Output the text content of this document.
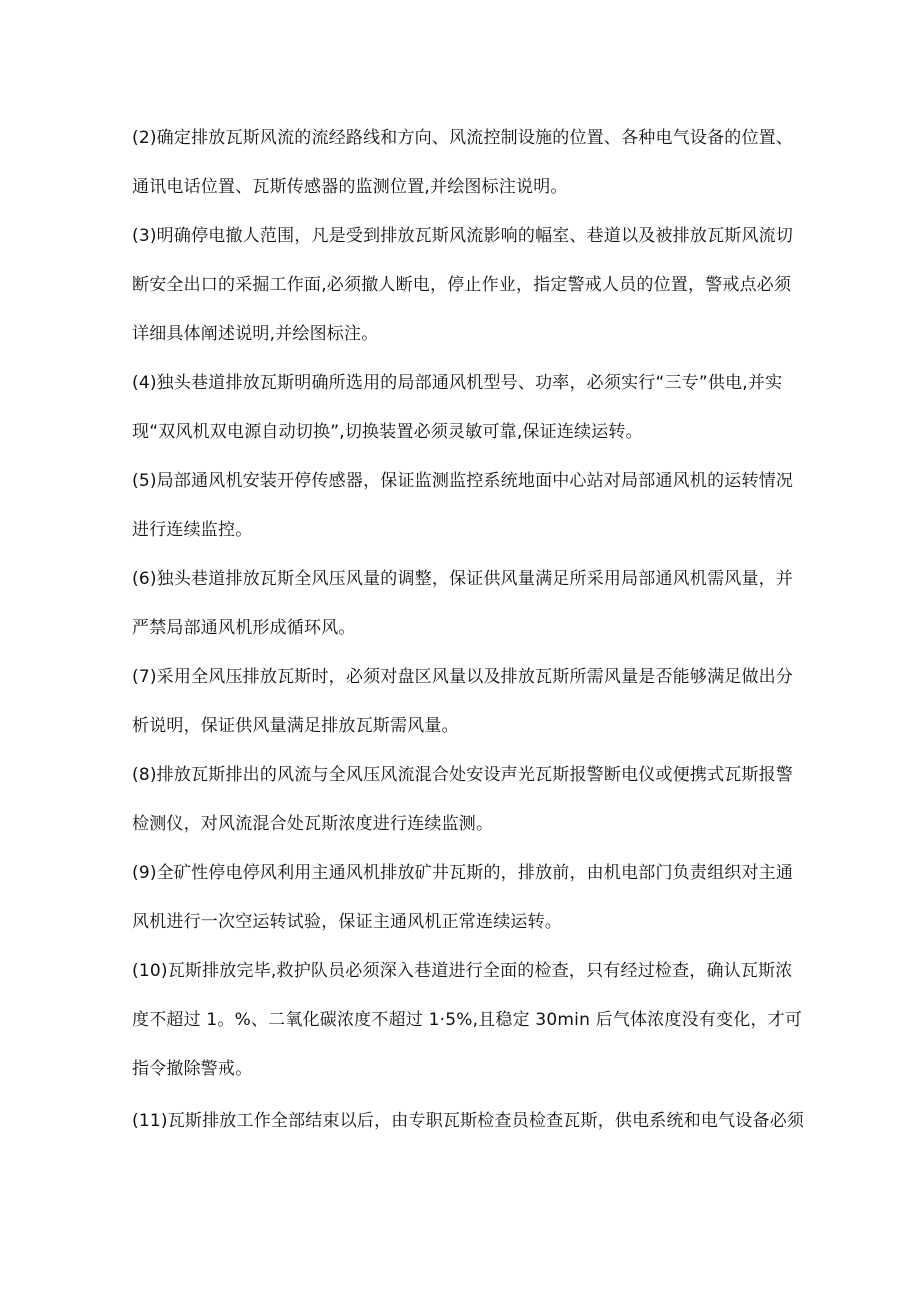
(2)确定排放瓦斯风流的流经路线和方向、风流控制设施的位置、各种电气设备的位置、
通讯电话位置、瓦斯传感器的监测位置,并绘图标注说明。
(3)明确停电撤人范围，凡是受到排放瓦斯风流影响的幅室、巷道以及被排放瓦斯风流切
断安全出口的采掘工作面,必须撤人断电，停止作业，指定警戒人员的位置，警戒点必须
详细具体阐述说明,并绘图标注。
(4)独头巷道排放瓦斯明确所选用的局部通风机型号、功率，必须实行“三专”供电,并实
现“双风机双电源自动切换”,切换装置必须灵敏可靠,保证连续运转。
(5)局部通风机安装开停传感器，保证监测监控系统地面中心站对局部通风机的运转情况
进行连续监控。
(6)独头巷道排放瓦斯全风压风量的调整，保证供风量满足所采用局部通风机需风量，并
严禁局部通风机形成循环风。
(7)采用全风压排放瓦斯时，必须对盘区风量以及排放瓦斯所需风量是否能够满足做出分
析说明，保证供风量满足排放瓦斯需风量。
(8)排放瓦斯排出的风流与全风压风流混合处安设声光瓦斯报警断电仪或便携式瓦斯报警
检测仪，对风流混合处瓦斯浓度进行连续监测。
(9)全矿性停电停风利用主通风机排放矿井瓦斯的，排放前，由机电部门负责组织对主通
风机进行一次空运转试验，保证主通风机正常连续运转。
(10)瓦斯排放完毕,救护队员必须深入巷道进行全面的检查，只有经过检查，确认瓦斯浓
度不超过 1。%、二氧化碳浓度不超过 1·5%,且稳定 30min 后气体浓度没有变化，才可
指令撤除警戒。
(11)瓦斯排放工作全部结束以后，由专职瓦斯检查员检查瓦斯，供电系统和电气设备必须
